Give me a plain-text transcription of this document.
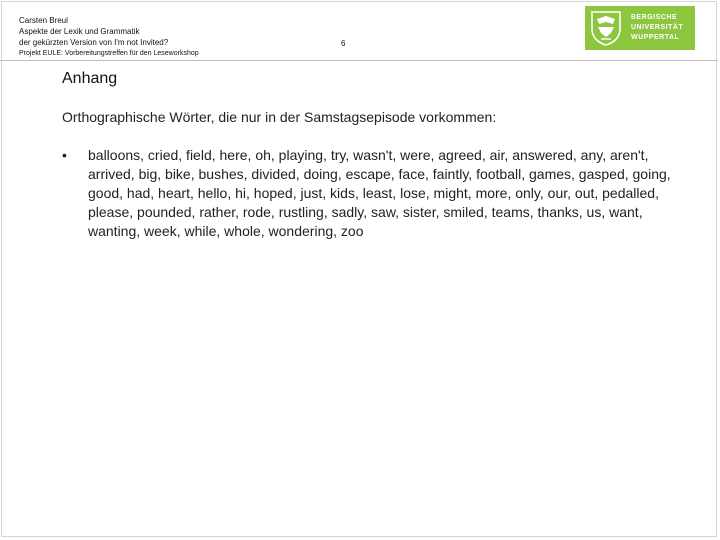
Carsten Breul
Aspekte der Lexik und Grammatik
der gekürzten Version von I'm not Invited?
Projekt EULE: Vorbereitungstreffen für den Leseworkshop
6
BERGISCHE
UNIVERSITÄT
WUPPERTAL
Anhang
Orthographische Wörter, die nur in der Samstagsepisode vorkommen:
•	balloons, cried, field, here, oh, playing, try, wasn't, were, agreed, air, answered, any, aren't, arrived, big, bike, bushes, divided, doing, escape, face, faintly, football, games, gasped, going, good, had, heart, hello, hi, hoped, just, kids, least, lose, might, more, only, our, out, pedalled, please, pounded, rather, rode, rustling, sadly, saw, sister, smiled, teams, thanks, us, want, wanting, week, while, whole, wondering, zoo
